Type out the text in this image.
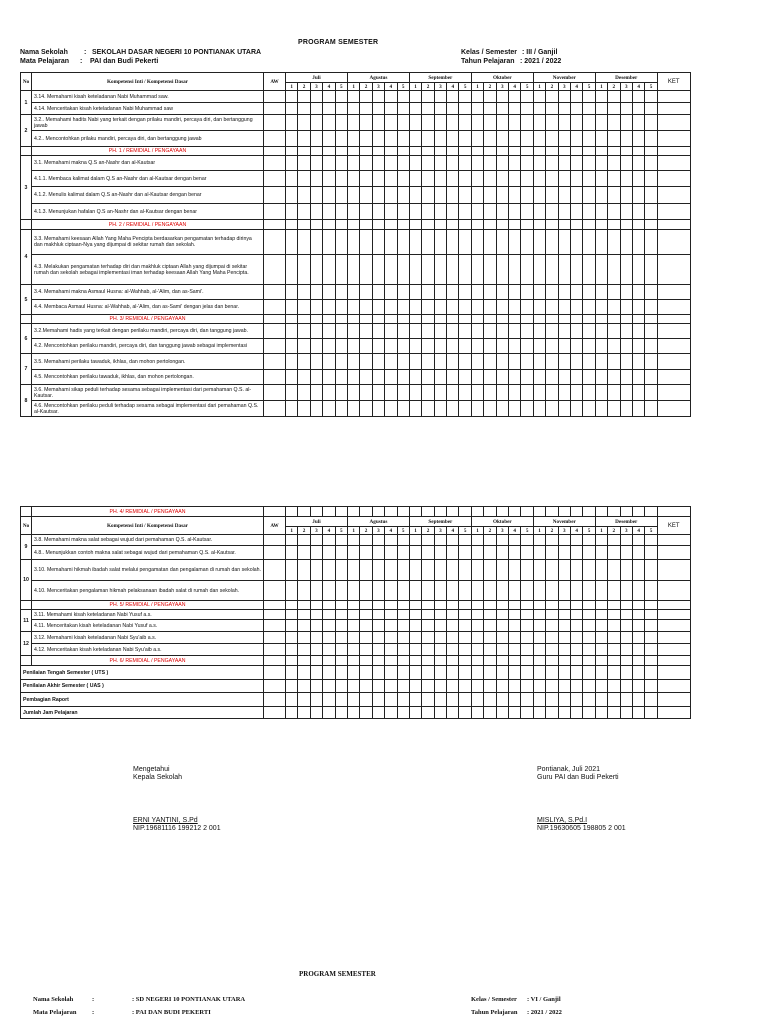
PROGRAM SEMESTER
Nama Sekolah : SEKOLAH DASAR NEGERI 10 PONTIANAK UTARA
Mata Pelajaran : PAI dan Budi Pekerti
Kelas / Semester : III / Ganjil
Tahun Pelajaran : 2021 / 2022
No	Kompetensi Inti / Kompetensi Dasar	AW	Juli					Agustus					September					Oktober					November					Desember					KET
			1	2	3	4	5	1	2	3	4	5	1	2	3	4	5	1	2	3	4	5	1	2	3	4	5	1	2	3	4	5	
1	3.14. Memahami kisah keteladanan Nabi Muhammad saw.																																
	4.14. Menceritakan kisah keteladanan Nabi Muhammad saw																																
2	3.2.. Memahami hadits Nabi yang terkait dengan prilaku mandiri, percaya diri, dan bertanggung jawab																																
	4.2.. Mencontohkan prilaku mandiri, percaya diri, dan bertanggung jawab																																
	PH. 1 / REMIDIAL / PENGAYAAN																																
3	3.1. Memahami makna Q.S an-Nashr dan al-Kautsar																																
	4.1.1. Membaca kalimat dalam Q.S an-Nashr dan al-Kautsar dengan benar																																
	4.1.2. Menulis kalimat dalam Q.S an-Nashr dan al-Kautsar dengan benar																																
	4.1.3. Menunjukan hafalan Q.S an-Nashr dan al-Kautsar dengan benar																																
	PH. 2 / REMIDIAL / PENGAYAAN																																
4	3.3. Memahami keesaan Allah Yang Maha Pencipta berdasarkan pengamatan terhadap dirinya dan makhluk ciptaan-Nya yang dijumpai di sekitar rumah dan sekolah.																																
	4.3. Melakukan pengamatan terhadap diri dan makhluk ciptaan Allah yang dijumpai di sekitar rumah dan sekolah sebagai implementasi iman terhadap keesaan Allah Yang Maha Pencipta.																																
5	3.4. Memahami makna Asmaul Husna: al-Wahhab, al-'Alim, dan as-Sami'.																																
	4.4. Membaca Asmaul Husna: al-Wahhab, al-'Alim, dan as-Sami' dengan jelas dan benar.																																
	PH. 3/ REMIDIAL / PENGAYAAN																																
6	3.2.Memahami hadis yang terkait dengan perilaku mandiri, percaya diri, dan tanggung jawab.																																
	4.2. Mencontohkan perilaku mandiri, percaya diri, dan tanggung jawab sebagai implementasi																																
7	3.5. Memahami perilaku tawaduk, ikhlas, dan mohon pertolongan.																																
	4.5. Mencontohkan perilaku tawaduk, ikhlas, dan mohon pertolongan.																																
8	3.6. Memahami sikap peduli terhadap sesama sebagai implementasi dari pemahaman Q.S. al-Kautsar.																																
	4.6. Mencontohkan perilaku peduli terhadap sesama sebagai implementasi dari pemahaman Q.S. al-Kautsar.																																
	PH. 4/ REMIDIAL / PENGAYAAN																																
No	Kompetensi Inti / Kompetensi Dasar	AW	Juli					Agustus					September					Oktober					November					Desember					KET
			1	2	3	4	5	1	2	3	4	5	1	2	3	4	5	1	2	3	4	5	1	2	3	4	5	1	2	3	4	5	
9	3.8. Memahami makna salat sebagai wujud dari pemahaman Q.S. al-Kautsar.																																
	4.8.. Menunjukkan contoh makna salat sebagai wujud dari pemahaman Q.S. al-Kautsar.																																
10	3.10. Memahami hikmah ibadah salat melalui pengamatan dan pengalaman di rumah dan sekolah.																																
	4.10. Menceritakan pengalaman hikmah pelaksanaan ibadah salat di rumah dan sekolah.																																
	PH. 5/ REMIDIAL / PENGAYAAN																																
11	3.11. Memahami kisah keteladanan Nabi Yusuf a.s.																																
	4.11. Menceritakan kisah keteladanan Nabi Yusuf a.s.																																
12	3.12. Memahami kisah keteladanan Nabi Syu'aib a.s.																																
	4.12. Menceritakan kisah keteladanan Nabi Syu'aib a.s.																																
	PH. 6/ REMIDIAL / PENGAYAAN																																
Penilaian Tengah Semester ( UTS )																																	
Penilaian Akhir Semester ( UAS )																																	
Pembagian Raport																																	
Jumlah Jam Pelajaran																																	
Mengetahui
Kepala Sekolah
ERNI YANTINI, S.Pd
NIP.19681116 199212 2 001
Pontianak, Juli 2021
Guru PAI dan Budi Pekerti
MISLIYA, S.Pd.I
NIP.19630605 198805 2 001
PROGRAM SEMESTER
Nama Sekolah	:	: SD NEGERI 10 PONTIANAK UTARA
Mata Pelajaran :	: PAI DAN BUDI PEKERTI
Kelas / Semester : VI / Ganjil
Tahun Pelajaran : 2021 / 2022
